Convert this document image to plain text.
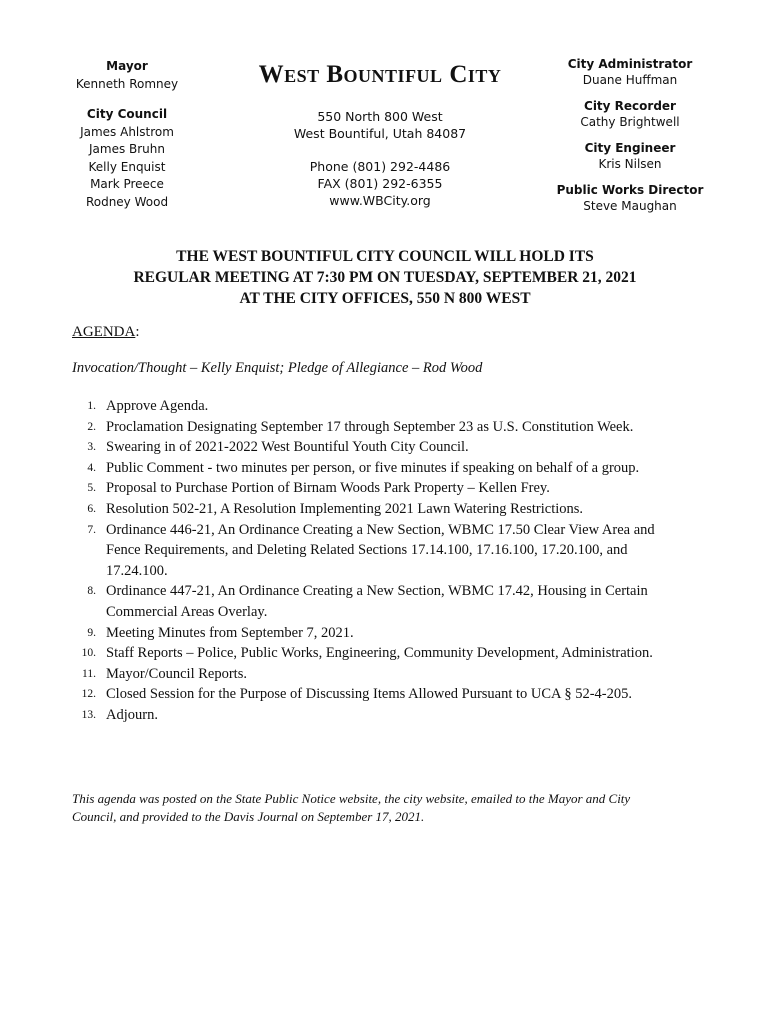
Mayor
Kenneth Romney
City Council
James Ahlstrom
James Bruhn
Kelly Enquist
Mark Preece
Rodney Wood
West Bountiful City
550 North 800 West
West Bountiful, Utah 84087
Phone (801) 292-4486
FAX (801) 292-6355
www.WBCity.org
City Administrator
Duane Huffman
City Recorder
Cathy Brightwell
City Engineer
Kris Nilsen
Public Works Director
Steve Maughan
THE WEST BOUNTIFUL CITY COUNCIL WILL HOLD ITS
REGULAR MEETING AT 7:30 PM ON TUESDAY, SEPTEMBER 21, 2021
AT THE CITY OFFICES, 550 N 800 WEST
AGENDA:
Invocation/Thought – Kelly Enquist; Pledge of Allegiance – Rod Wood
1. Approve Agenda.
2. Proclamation Designating September 17 through September 23 as U.S. Constitution Week.
3. Swearing in of 2021-2022 West Bountiful Youth City Council.
4. Public Comment - two minutes per person, or five minutes if speaking on behalf of a group.
5. Proposal to Purchase Portion of Birnam Woods Park Property – Kellen Frey.
6. Resolution 502-21, A Resolution Implementing 2021 Lawn Watering Restrictions.
7. Ordinance 446-21, An Ordinance Creating a New Section, WBMC 17.50 Clear View Area and
Fence Requirements, and Deleting Related Sections 17.14.100, 17.16.100, 17.20.100, and
17.24.100.
8. Ordinance 447-21, An Ordinance Creating a New Section, WBMC 17.42, Housing in Certain
Commercial Areas Overlay.
9. Meeting Minutes from September 7, 2021.
10. Staff Reports – Police, Public Works, Engineering, Community Development, Administration.
11. Mayor/Council Reports.
12. Closed Session for the Purpose of Discussing Items Allowed Pursuant to UCA § 52-4-205.
13. Adjourn.
This agenda was posted on the State Public Notice website, the city website, emailed to the Mayor and City
Council, and provided to the Davis Journal on September 17, 2021.
